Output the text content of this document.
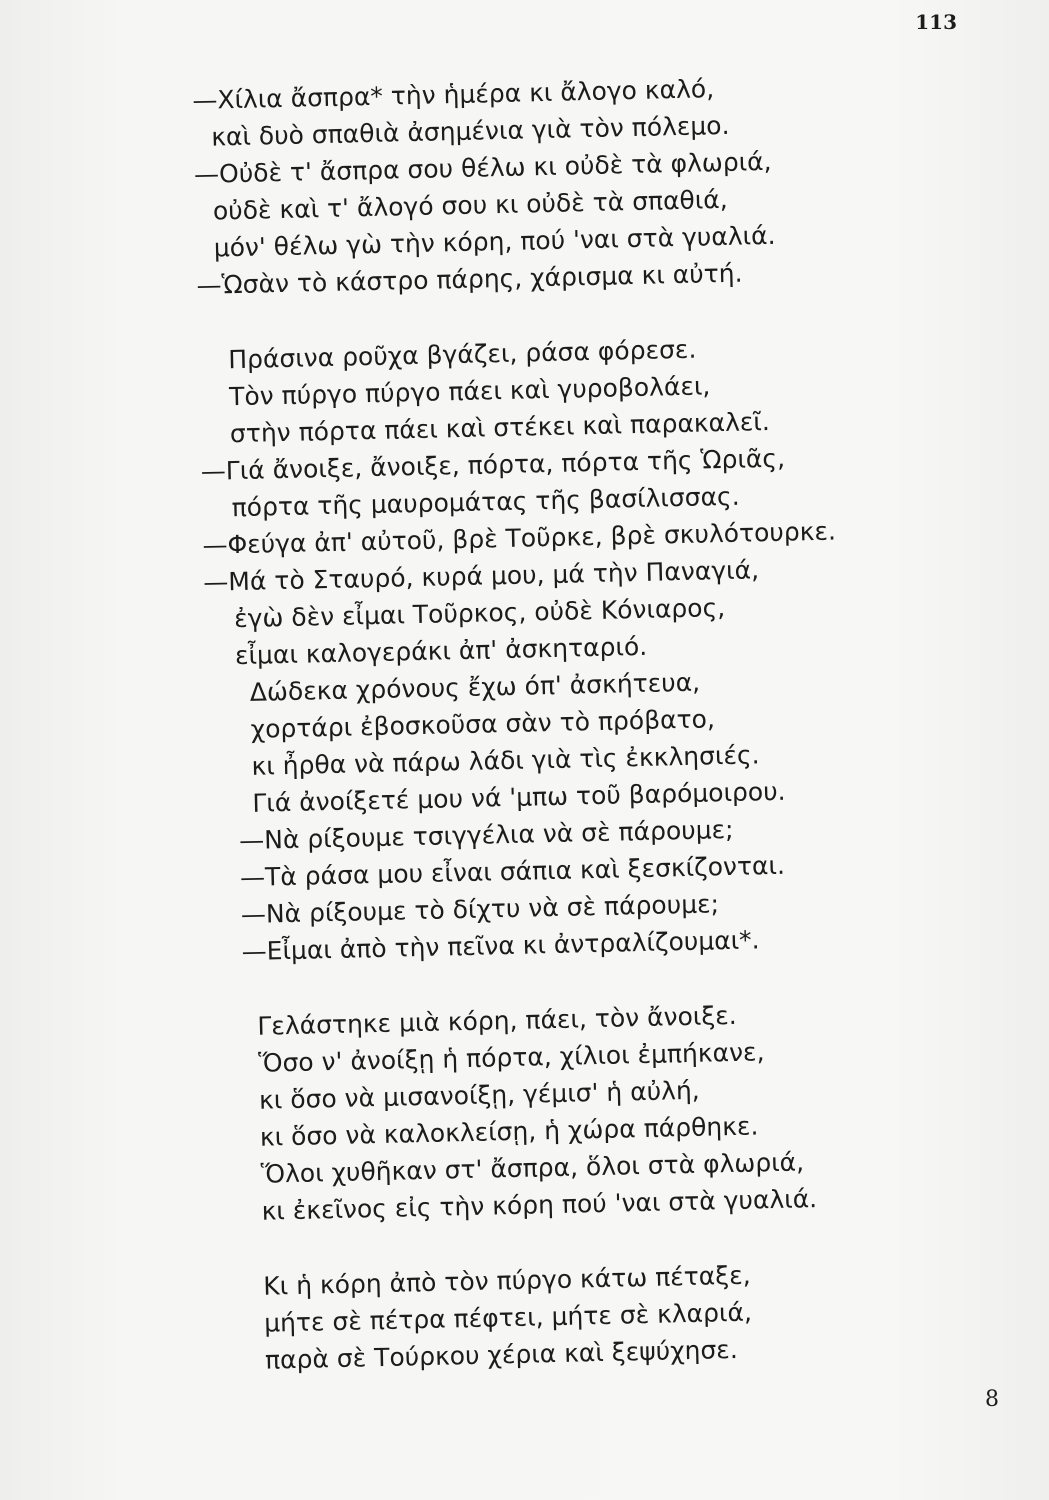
113
—Χίλια ἄσπρα* τὴν ἡμέρα κι ἄλογο καλό,
καὶ δυὸ σπαθιὰ ἀσημένια γιὰ τὸν πόλεμο.
—Οὐδὲ τ' ἄσπρα σου θέλω κι οὐδὲ τὰ φλωριά,
οὐδὲ καὶ τ' ἄλογό σου κι οὐδὲ τὰ σπαθιά,
μόν' θέλω γὼ τὴν κόρη, πού 'ναι στὰ γυαλιά.
—Ὡσὰν τὸ κάστρο πάρης, χάρισμα κι αὐτή.
Πράσινα ροῦχα βγάζει, ράσα φόρεσε.
Τὸν πύργο πύργο πάει καὶ γυροβολάει,
στὴν πόρτα πάει καὶ στέκει καὶ παρακαλεῖ.
—Γιά ἄνοιξε, ἄνοιξε, πόρτα, πόρτα τῆς Ὡριᾶς,
πόρτα τῆς μαυρομάτας τῆς βασίλισσας.
—Φεύγα ἀπ' αὐτοῦ, βρὲ Τοῦρκε, βρὲ σκυλότουρκε.
—Μά τὸ Σταυρό, κυρά μου, μά τὴν Παναγιά,
ἐγὼ δὲν εἶμαι Τοῦρκος, οὐδὲ Κόνιαρος,
εἶμαι καλογεράκι ἀπ' ἀσκηταριό.
Δώδεκα χρόνους ἔχω όπ' ἀσκήτευα,
χορτάρι ἐβοσκοῦσα σὰν τὸ πρόβατο,
κι ἦρθα νὰ πάρω λάδι γιὰ τὶς ἐκκλησιές.
Γιά ἀνοίξετέ μου νά 'μπω τοῦ βαρόμοιρου.
—Νὰ ρίξουμε τσιγγέλια νὰ σὲ πάρουμε;
—Τὰ ράσα μου εἶναι σάπια καὶ ξεσκίζονται.
—Νὰ ρίξουμε τὸ δίχτυ νὰ σὲ πάρουμε;
—Εἶμαι ἀπὸ τὴν πεῖνα κι ἀντραλίζουμαι*.
Γελάστηκε μιὰ κόρη, πάει, τὸν ἄνοιξε.
Ὅσο ν' ἀνοίξῃ ἡ πόρτα, χίλιοι ἐμπήκανε,
κι ὅσο νὰ μισανοίξῃ, γέμισ' ἡ αὐλή,
κι ὅσο νὰ καλοκλείσῃ, ἡ χώρα πάρθηκε.
Ὅλοι χυθῆκαν στ' ἄσπρα, ὅλοι στὰ φλωριά,
κι ἐκεῖνος εἰς τὴν κόρη πού 'ναι στὰ γυαλιά.
Κι ἡ κόρη ἀπὸ τὸν πύργο κάτω πέταξε,
μήτε σὲ πέτρα πέφτει, μήτε σὲ κλαριά,
παρὰ σὲ Τούρκου χέρια καὶ ξεψύχησε.
8
